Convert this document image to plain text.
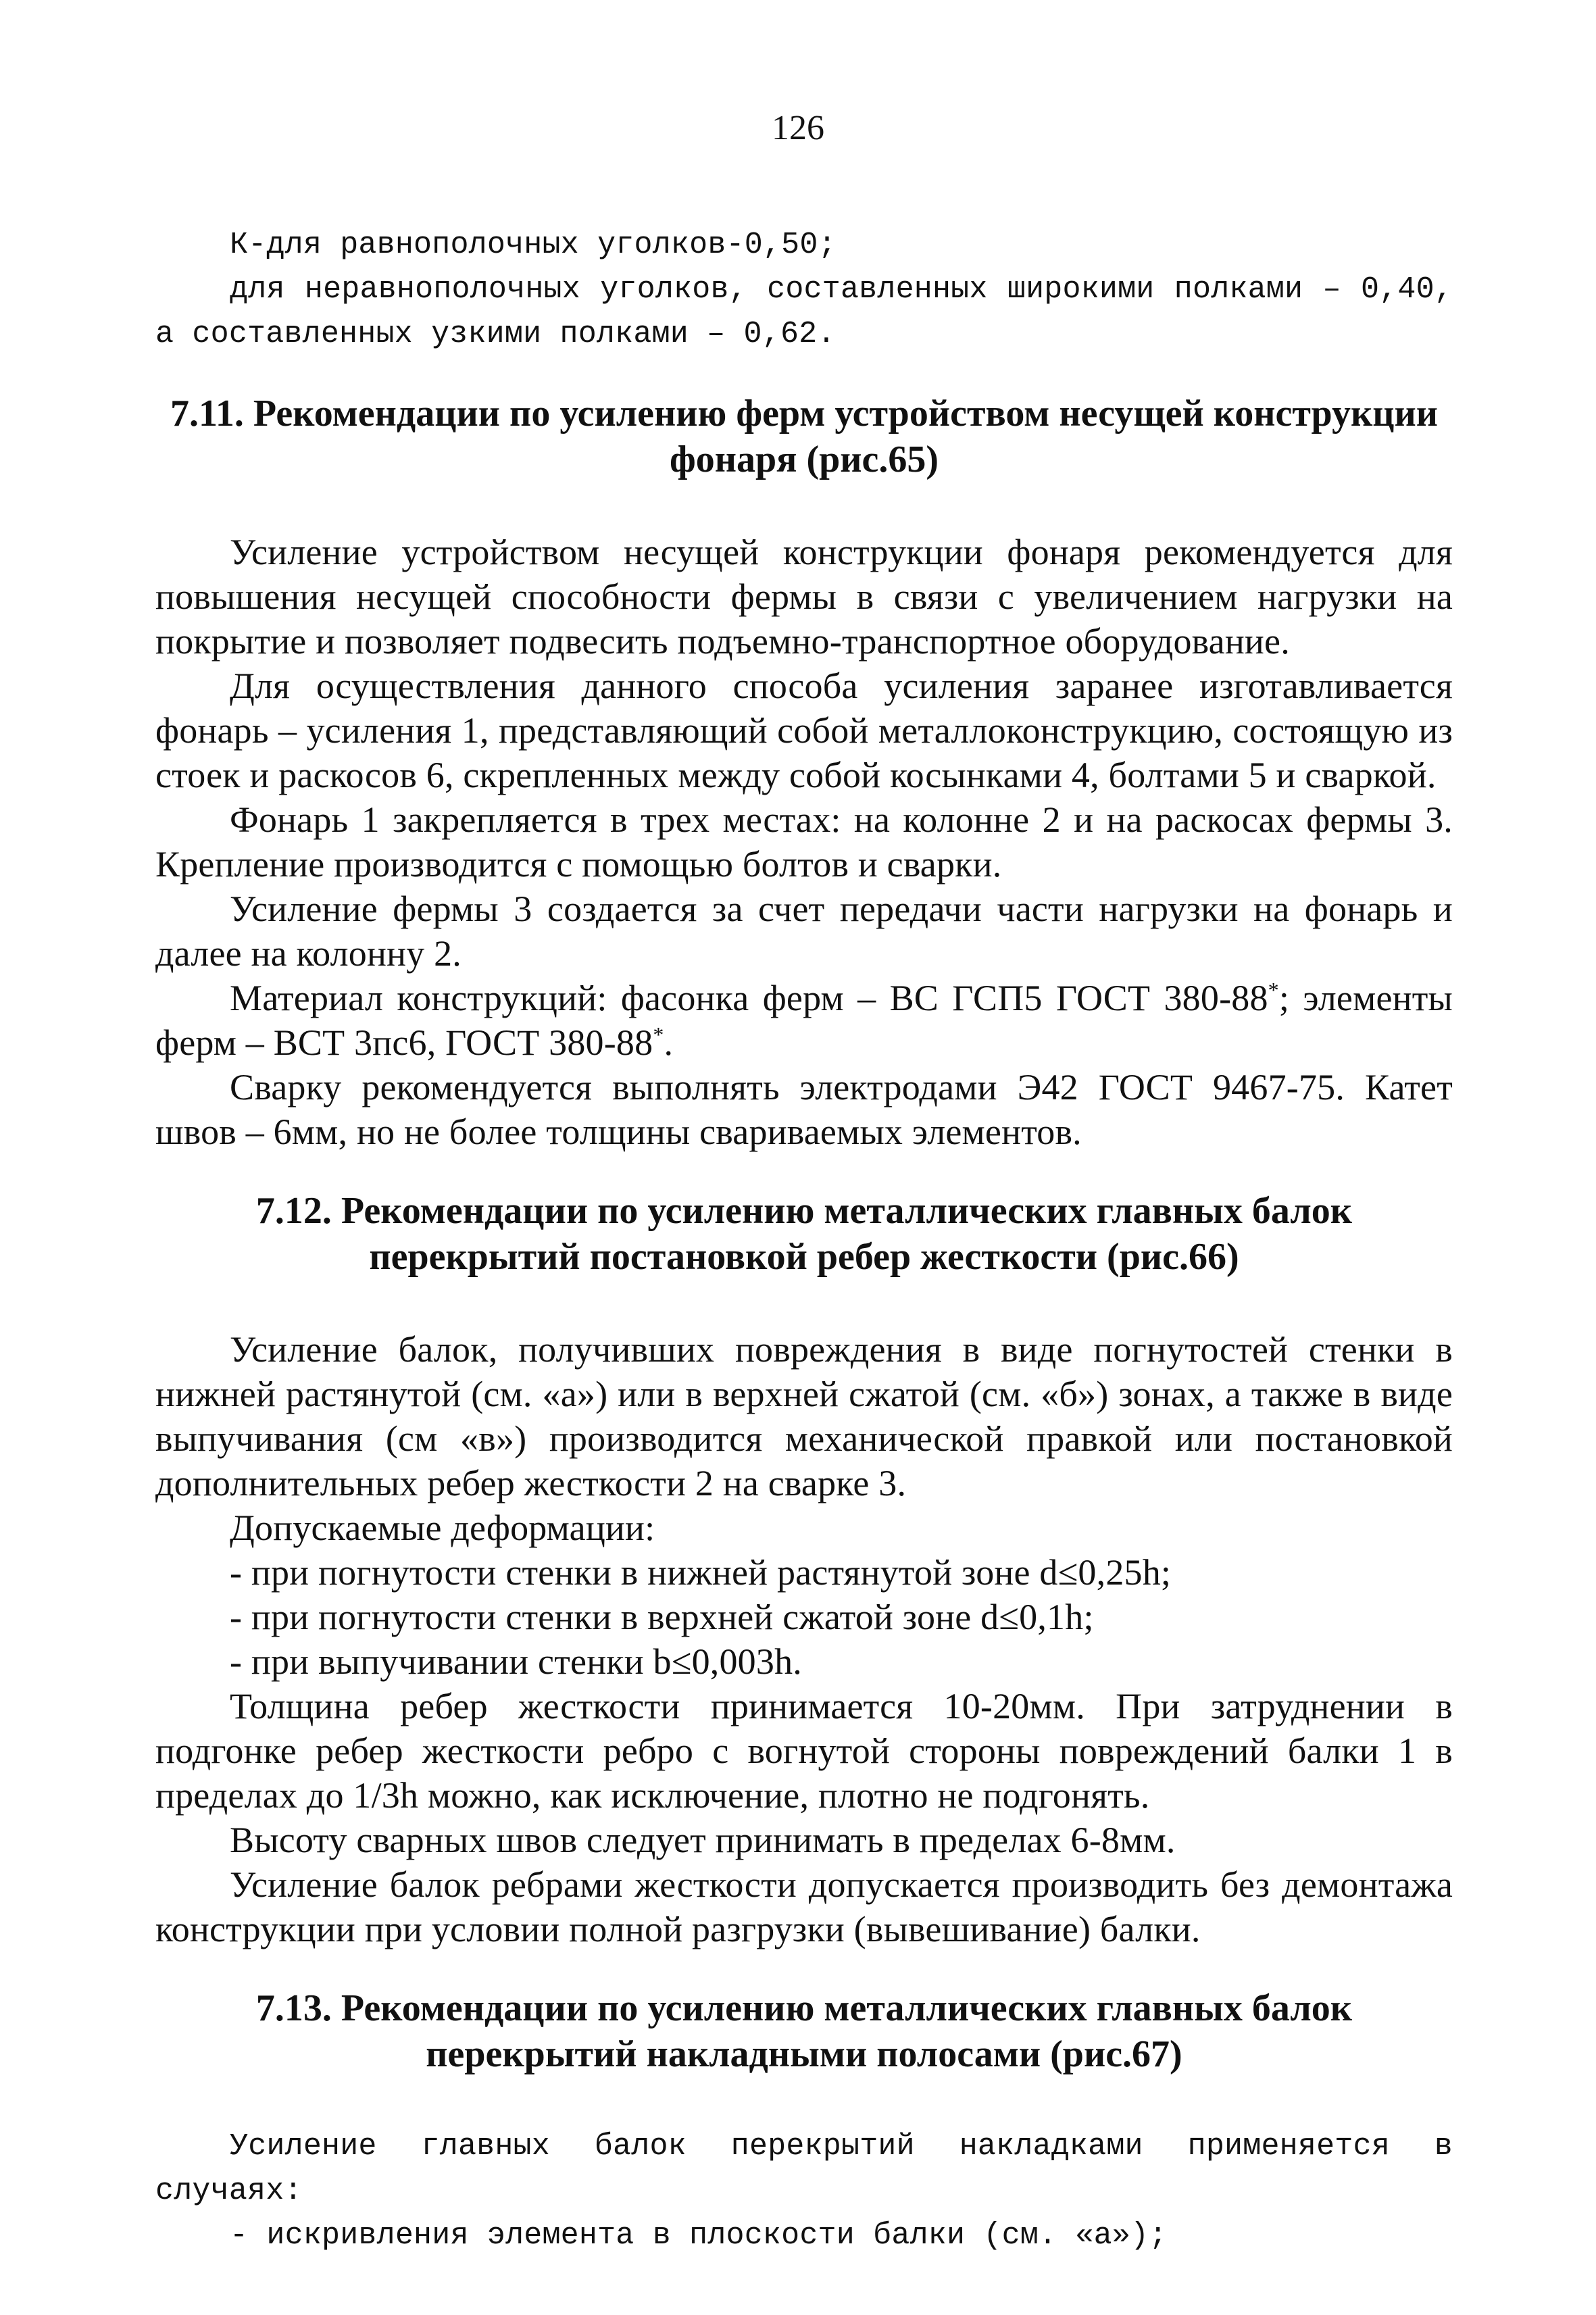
126

К-для равнополочных уголков-0,50;

для неравнополочных уголков, составленных широкими полками – 0,40, а составленных узкими полками – 0,62.

7.11. Рекомендации по усилению ферм устройством несущей конструкции фонаря (рис.65)

Усиление устройством несущей конструкции фонаря рекомендуется для повышения несущей способности фермы в связи с увеличением нагрузки на покрытие и позволяет подвесить подъемно-транспортное оборудование.

Для осуществления данного способа усиления заранее изготавливается фонарь – усиления 1, представляющий собой металлоконструкцию, состоящую из стоек и раскосов 6, скрепленных между собой косынками 4, болтами 5 и сваркой.

Фонарь 1 закрепляется в трех местах: на колонне 2 и на раскосах фермы 3. Крепление производится с помощью болтов и сварки.

Усиление фермы 3 создается за счет передачи части нагрузки на фонарь и далее на колонну 2.

Материал конструкций: фасонка ферм – ВС ГСП5 ГОСТ 380-88*; элементы ферм – ВСТ 3пс6, ГОСТ 380-88*.

Сварку рекомендуется выполнять электродами Э42 ГОСТ 9467-75. Катет швов – 6мм, но не более толщины свариваемых элементов.

7.12. Рекомендации по усилению металлических главных балок перекрытий постановкой ребер жесткости (рис.66)

Усиление балок, получивших повреждения в виде погнутостей стенки в нижней растянутой (см. «а») или в верхней сжатой (см. «б») зонах, а также в виде выпучивания (см «в») производится механической правкой или постановкой дополнительных ребер жесткости 2 на сварке 3.

Допускаемые деформации:

- при погнутости стенки в нижней растянутой зоне d≤0,25h;

- при погнутости стенки в верхней сжатой зоне d≤0,1h;

- при выпучивании стенки b≤0,003h.

Толщина ребер жесткости принимается 10-20мм. При затруднении в подгонке ребер жесткости ребро с вогнутой стороны повреждений балки 1 в пределах до 1/3h можно, как исключение, плотно не подгонять.

Высоту сварных швов следует принимать в пределах 6-8мм.

Усиление балок ребрами жесткости допускается производить без демонтажа конструкции при условии полной разгрузки (вывешивание) балки.

7.13. Рекомендации по усилению металлических главных балок перекрытий накладными полосами (рис.67)

Усиление главных балок перекрытий накладками применяется в случаях:

- искривления элемента в плоскости балки (см. «а»);
